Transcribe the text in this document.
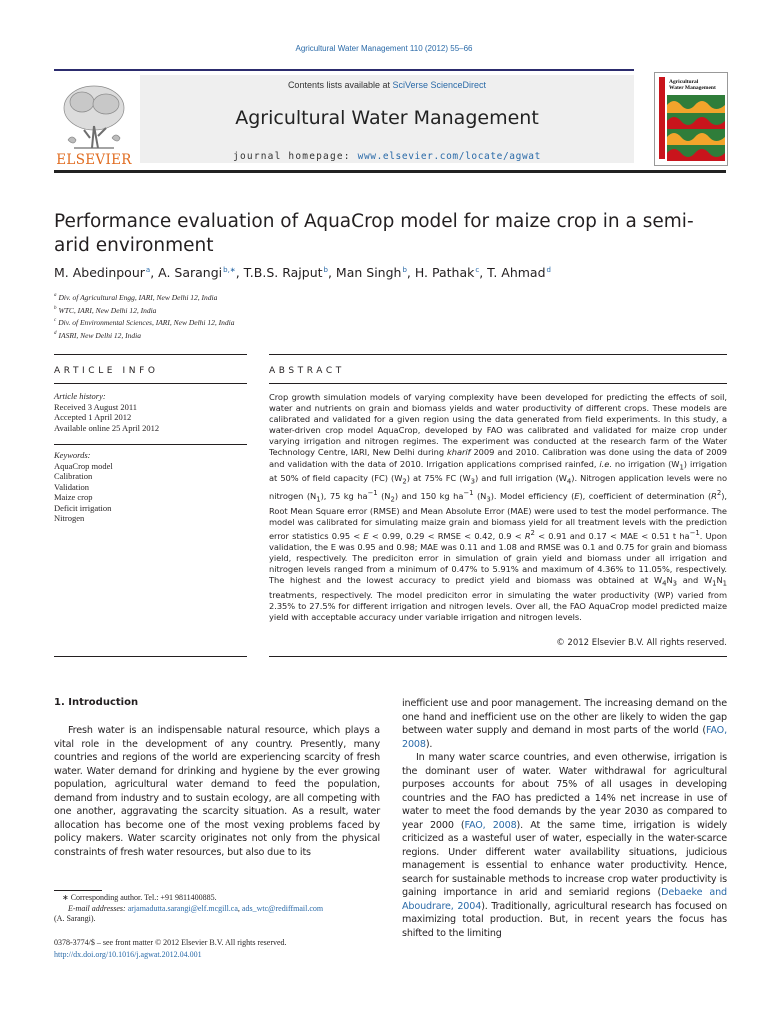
Agricultural Water Management 110 (2012) 55–66
Contents lists available at SciVerse ScienceDirect
Agricultural Water Management
journal homepage: www.elsevier.com/locate/agwat
ELSEVIER
Agricultural
Water Management
Performance evaluation of AquaCrop model for maize crop in a semi-arid environment
M. Abedinpour$^a$, A. Sarangi$^{b,∗}$, T.B.S. Rajput$^b$, Man Singh$^b$, H. Pathak$^c$, T. Ahmad$^d$
$^a$ Div. of Agricultural Engg, IARI, New Delhi 12, India
$^b$ WTC, IARI, New Delhi 12, India
$^c$ Div. of Environmental Sciences, IARI, New Delhi 12, India
$^d$ IASRI, New Delhi 12, India
ARTICLE INFO
Article history:
Received 3 August 2011
Accepted 1 April 2012
Available online 25 April 2012
Keywords:
AquaCrop model
Calibration
Validation
Maize crop
Deficit irrigation
Nitrogen
ABSTRACT
Crop growth simulation models of varying complexity have been developed for predicting the effects of soil, water and nutrients on grain and biomass yields and water productivity of different crops. These models are calibrated and validated for a given region using the data generated from field experiments. In this study, a water-driven crop model AquaCrop, developed by FAO was calibrated and validated for maize crop under varying irrigation and nitrogen regimes. The experiment was conducted at the research farm of the Water Technology Centre, IARI, New Delhi during kharif 2009 and 2010. Calibration was done using the data of 2009 and validation with the data of 2010. Irrigation applications comprised rainfed, i.e. no irrigation $(W_1)$ irrigation at 50% of field capacity (FC) $(W_2)$ at 75% FC $(W_3)$ and full irrigation $(W_4)$. Nitrogen application levels were no nitrogen $(N_1)$, 75 kg $ha^{-1}$ $(N_2)$ and 150 kg $ha^{-1}$ $(N_3)$. Model efficiency (E), coefficient of determination $(R^2)$, Root Mean Square error (RMSE) and Mean Absolute Error (MAE) were used to test the model performance. The model was calibrated for simulating maize grain and biomass yield for all treatment levels with the prediction error statistics 0.95 < E < 0.99, 0.29 < RMSE < 0.42, $0.9 < R^2 < 0.91$ and 0.17 < MAE < 0.51 t $ha^{-1}$. Upon validation, the E was 0.95 and 0.98; MAE was 0.11 and 1.08 and RMSE was 0.1 and 0.75 for grain and biomass yield, respectively. The prediciton error in simulation of grain yield and biomass under all irrigation and nitrogen levels ranged from a minimum of 0.47% to 5.91% and maximum of 4.36% to 11.05%, respectively. The highest and the lowest accuracy to predict yield and biomass was obtained at $W_4N_3$ and $W_1N_1$ treatments, respectively. The model prediciton error in simulating the water productivity (WP) varied from 2.35% to 27.5% for different irrigation and nitrogen levels. Over all, the FAO AquaCrop model predicted maize yield with acceptable accuracy under variable irrigation and nitrogen levels.
© 2012 Elsevier B.V. All rights reserved.
1. Introduction

Fresh water is an indispensable natural resource, which plays a vital role in the development of any country. Presently, many countries and regions of the world are experiencing scarcity of fresh water. Water demand for drinking and hygiene by the ever growing population, agricultural water demand to feed the population, demand from industry and to sustain ecology, are all competing with one another, aggravating the scarcity situation. As a result, water allocation has become one of the most vexing problems faced by policy makers. Water scarcity originates not only from the physical constraints of fresh water resources, but also due to its

inefficient use and poor management. The increasing demand on the one hand and inefficient use on the other are likely to widen the gap between water supply and demand in most parts of the world (FAO, 2008).

In many water scarce countries, and even otherwise, irrigation is the dominant user of water. Water withdrawal for agricultural purposes accounts for about 75% of all usages in developing countries and the FAO has predicted a 14% net increase in use of water to meet the food demands by the year 2030 as compared to year 2000 (FAO, 2008). At the same time, irrigation is widely criticized as a wasteful user of water, especially in the water-scarce regions. Under different water availability situations, judicious management is essential to enhance water productivity. Hence, search for sustainable methods to increase crop water productivity is gaining importance in arid and semiarid regions (Debaeke and Aboudrare, 2004). Traditionally, agricultural research has focused on maximizing total production. But, in recent years the focus has shifted to the limiting

∗ Corresponding author. Tel.: +91 9811400885.
E-mail addresses: arjamadutta.sarangi@elf.mcgill.ca, ads_wtc@rediffmail.com
(A. Sarangi).
0378-3774/$ – see front matter © 2012 Elsevier B.V. All rights reserved.
http://dx.doi.org/10.1016/j.agwat.2012.04.001
